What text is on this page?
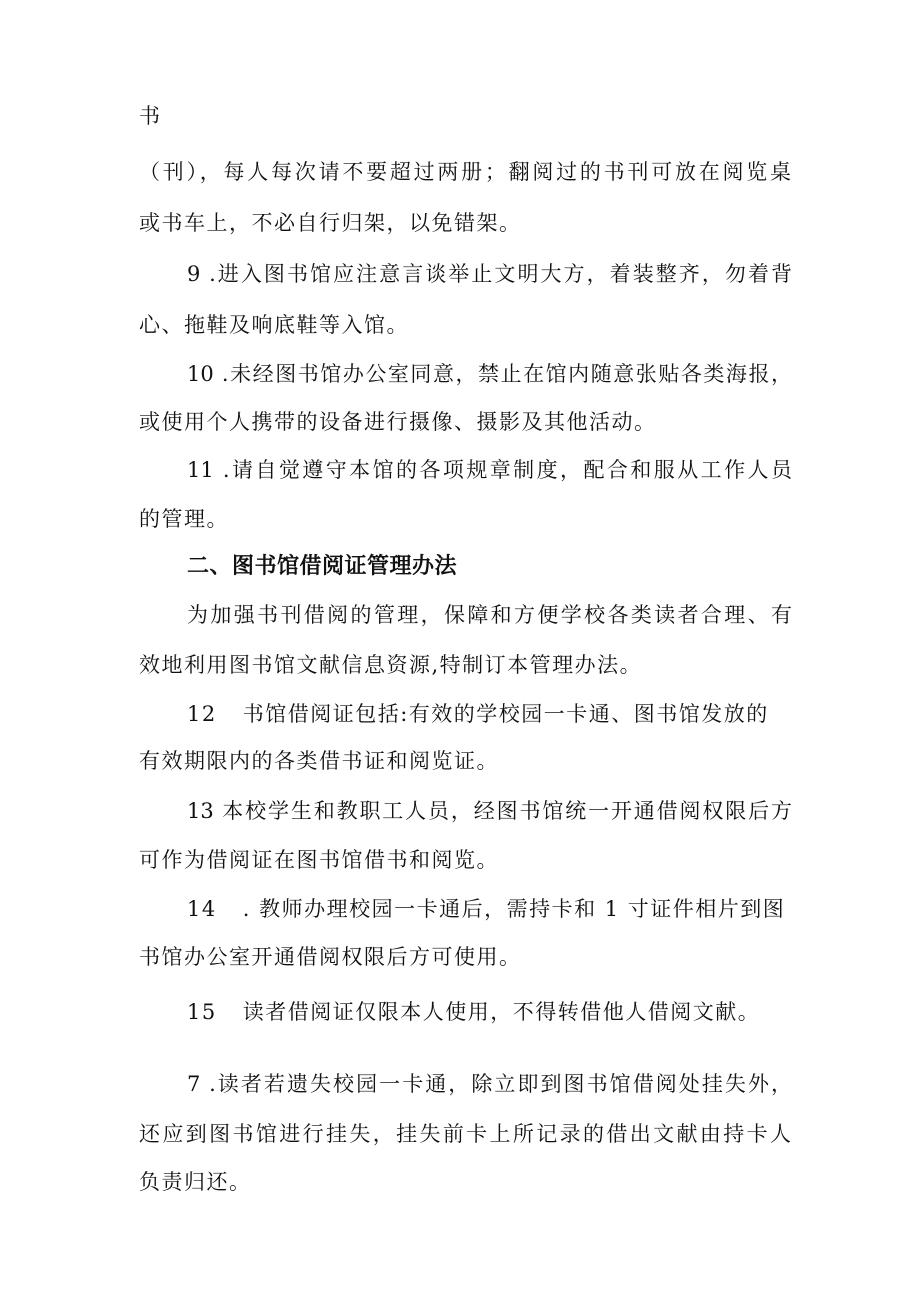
书
（刊），每人每次请不要超过两册；翻阅过的书刊可放在阅览桌
或书车上，不必自行归架，以免错架。
9 .进入图书馆应注意言谈举止文明大方，着装整齐，勿着背
心、拖鞋及响底鞋等入馆。
10 .未经图书馆办公室同意，禁止在馆内随意张贴各类海报，
或使用个人携带的设备进行摄像、摄影及其他活动。
11 .请自觉遵守本馆的各项规章制度，配合和服从工作人员
的管理。
二、图书馆借阅证管理办法
为加强书刊借阅的管理，保障和方便学校各类读者合理、有
效地利用图书馆文献信息资源,特制订本管理办法。
12 书馆借阅证包括:有效的学校园一卡通、图书馆发放的
有效期限内的各类借书证和阅览证。
13 本校学生和教职工人员，经图书馆统一开通借阅权限后方
可作为借阅证在图书馆借书和阅览。
14 . 教师办理校园一卡通后，需持卡和 1 寸证件相片到图
书馆办公室开通借阅权限后方可使用。
15 读者借阅证仅限本人使用，不得转借他人借阅文献。
7 .读者若遗失校园一卡通，除立即到图书馆借阅处挂失外，
还应到图书馆进行挂失，挂失前卡上所记录的借出文献由持卡人
负责归还。
